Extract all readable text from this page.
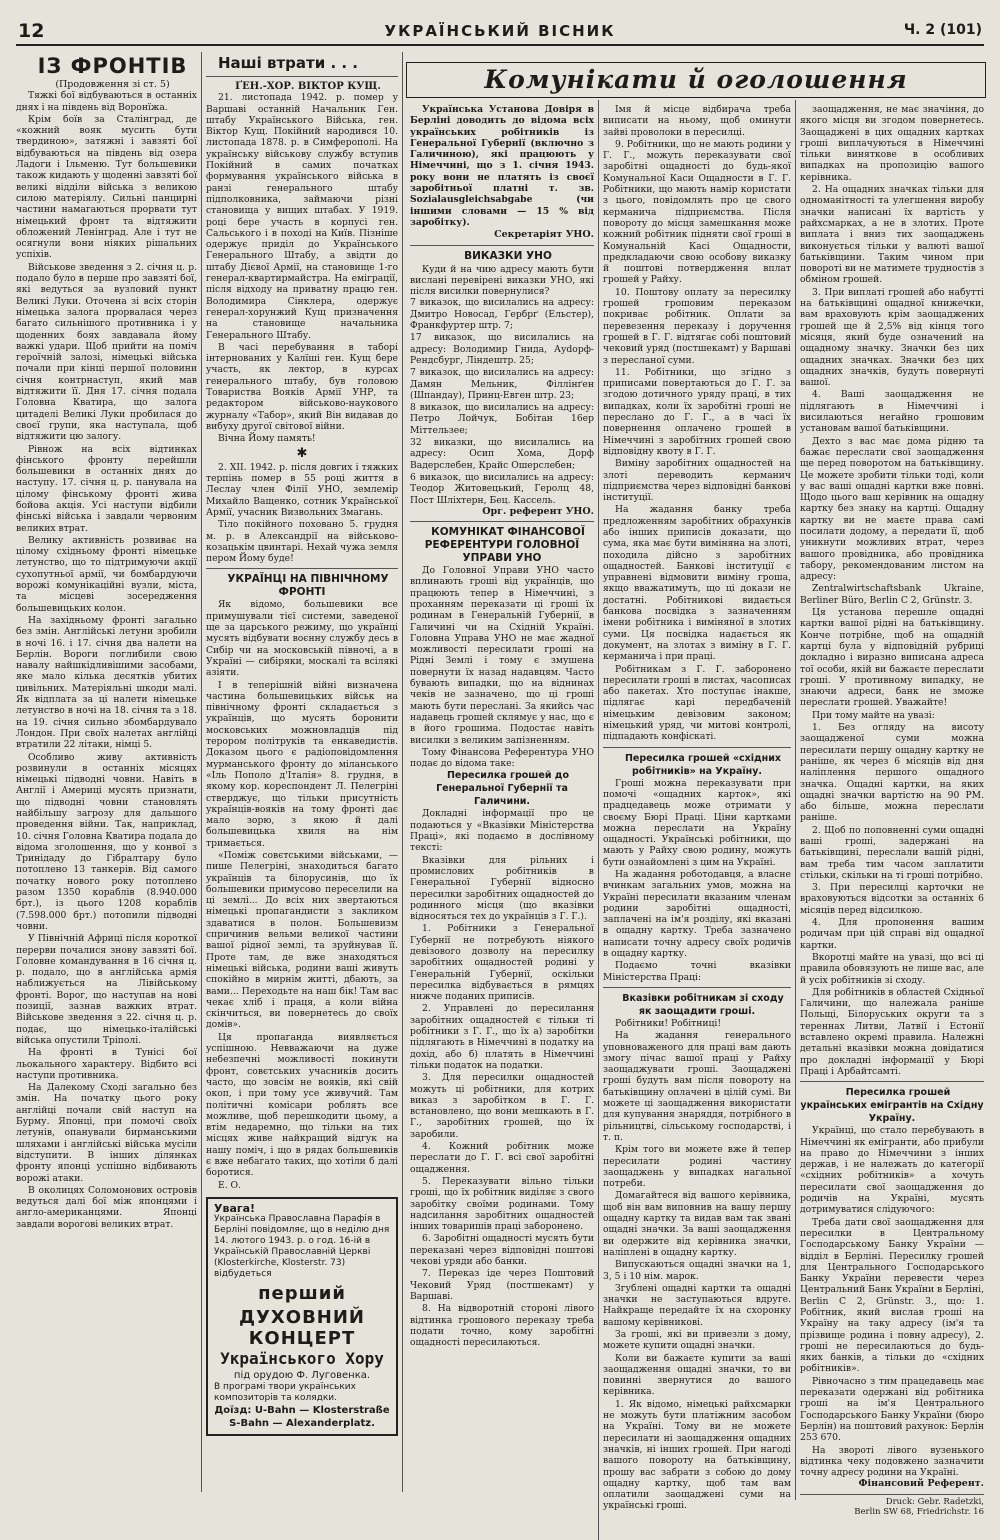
12	УКРАЇНСЬКИЙ ВІСНИК	Ч. 2 (101)

ІЗ ФРОНТІВ

(Продовження зі ст. 5)

Тяжкі бої відбуваються в останніх днях і на південь від Воронїжа.

Крім боїв за Сталінград, де «кожний вояк мусить бути твердиною», затяжні і завзяті бої відбуваються на південь від озера Ладоги і Ільменю. Тут большевики також кидають у щоденні завзяті бої великі відділи війська з великою силою матеріялу. Сильні панцирні частини намагаються прорвати тут німецький фронт та відтяжити обложений Ленінград. Але і тут не осягнули вони ніяких рішальних успіхів.

Військове зведення з 2. січня ц. р. подало було в перше про завзяті бої, які ведуться за вузловий пункт Великі Луки. Оточена зі всіх сторін німецька залога прорвалася через багато сильнішого противника і у щоденних боях завдавала йому важкі удари. Щоб прийти на поміч героїчній залозі, німецькі війська почали при кінці першої половини січня контрнаступ, який мав відтяжити її. Дня 17. січня подала Головна Кватира, що залога цитаделі Великі Луки пробилася до своєї групи, яка наступала, щоб відтяжити цю залогу.

Рівнож на всіх відтинках фінського фронту перейшли большевики в останніх днях до наступу. 17. січня ц. р. панувала на цілому фінському фронті жива бойова акція. Усі наступи відбили фінські війська і завдали червоним великих втрат.

Велику активність розвиває на цілому східньому фронті німецьке летунство, що то підтримуючи акції сухопутньої армії, чи бомбардуючи ворожі комунікаційні вузли, міста, та місцеві зосередження большевицьких колон.

На західньому фронті загально без змін. Англійські летуни зробили в ночі 16. і 17. січня два налети на Берлін. Вороги поглибили свою навалу найшкідливішими засобами, яке мало кілька десятків убитих цивільних. Матеріяльні шкоди малі. Як відплата за ці налети німецьке летунство в ночі на 18. січня та з 18. на 19. січня сильно збомбардувало Лондон. При своїх налетах англійці втратили 22 літаки, німці 5.

Особливо живу активність розвинули в останніх місяцях німецькі підводні човни. Навіть в Англії і Америці мусять признати, що підводні човни становлять найбільшу загрозу для дальшого проведення війни. Так, наприклад, 10. січня Головна Кватира подала до відома зголошення, що у конвої з Тринідаду до Гібралтару було потоплено 13 танкерів. Від самого початку нового року потоплено разом 1350 кораблів (8.940.000 брт.), із цього 1208 кораблів (7.598.000 брт.) потопили підводні човни.

У Північній Африці після короткої перерви почалися знову завзяті бої. Головне командування в 16 січня ц. р. подало, що в англійська армія наближується на Лівійському фронті. Ворог, що наступав на нові позиції, зазнав важких втрат. Військове зведення з 22. січня ц. р. подає, що німецько-італійські війська опустили Тріполі.

На фронті в Тунісі бої льокального характеру. Відбито всі наступи противника.

На Далекому Сході загально без змін. На початку цього року англійці почали свій наступ на Бурму. Японці, при помочі своїх летунів, опанували бирманськими шляхами і англійські війська мусіли відступити. В інших ділянках фронту японці успішно відбивають ворожі атаки.

В околицях Соломонових островів ведуться далі бої між японцями і англо-американцями. Японці завдали ворогові великих втрат.

Наші втрати . . .

ҐЕН.-ХОР. ВІКТОР КУЩ.

21. листопада 1942. р. помер у Варшаві останній Начальник Ген. штабу Українського Війська, ген. Віктор Кущ. Покійний народився 10. листопада 1878. р. в Симферополі. На українську військову службу вступив Покійний в самих початках формування українського війська в ранзі генерального штабу підполковника, займаючи різні становища у вищих штабах. У 1919. році бере участь в корпусі ген. Сальського і в поході на Київ. Пізніше одержує приділ до Українського Генерального Штабу, а звідти до штабу Дієвої Армії, на становище 1-го генерал-квартирмайстра. На еміграції, після відходу на приватну працю ген. Володимира Сінклера, одержує генерал-хорунжий Кущ призначення на становище начальника Генерального Штабу.

В часі перебування в таборі інтернованих у Калїші ген. Кущ бере участь, як лектор, в курсах генерального штабу, був головою Товариства Вояків Армії УНР, та редактором військово-наукового журналу «Табор», який Він видавав до вибуху другої світової війни.

Вічна Йому память!

✱

2. XII. 1942. р. після довгих і тяжких терпінь помер в 55 році життя в Леслау член Філії УНО, землемір Михайло Ващенко, сотник Української Армії, учасник Визвольних Змагань.

Тіло покійного поховано 5. грудня м. р. в Александрії на військово-козацькім цвинтарі. Нехай чужа земля пером Йому буде!

УКРАЇНЦІ НА ПІВНІЧНОМУ ФРОНТІ

Як відомо, большевики все примушували тієї системи, заведеної ще за царського режиму, що українці мусять відбувати воєнну службу десь в Сибір чи на московській півночі, а в Україні — сибіряки, москалі та всілякі азіяти.

І в теперішній війні визначена частина большевицьких військ на північному фронті складається з українців, що мусять боронити московських можновладців під терором політруків та енкаведистів. Доказом цього є радіоповідомлення мурманського фронту до міланського «Іль Пополо д'Італія» 8. грудня, в якому кор. кореспондент Л. Пелегріні стверджує, що тільки присутність українців-вояків на тому фронті дає мало зорю, з якою й далі большевицька хвиля на нім тримається.

«Поміж совєтськими військами, — пише Пелегріні, знаходиться багато українців та білорусинів, що їх большевики примусово переселили на ці землі... До всіх них звертаються німецькі пропагандисти з закликом здаватися в полон. Большевизм спричинив вельми великої частини вашої рідної землі, та зруйнував її. Проте там, де вже знаходяться німецькі війська, родини ваші живуть спокійно в мирнім житті, дбають, за вами... Переходьте на наш бік! Там вас чекає хліб і праця, а коли війна скінчиться, ви повернетесь до своїх домів».

Ця пропаганда виявляється успішною. Невважаючи на дуже небезпечні можливості покинути фронт, совєтських учасників досить часто, що зовсім не вояків, які свій окоп, і при тому усе живучий. Там політичні комісари роблять все можливе, щоб перешкодити цьому, а втім недаремно, що тільки на тих місцях живе найкращий відгук на нашу поміч, і що в рядах большевиків є вже небагато таких, що хотіли б далі боротися.

Е. О.

Увага!
Українська Православна Парафія в Берліні повідомляє, що в неділю дня 14. лютого 1943. р. о год. 16-ій в Українській Православній Церкві (Klosterkirche, Klosterstr. 73) відбудеться
перший
ДУХОВНИЙ КОНЦЕРТ
Українського Хору
під орудою Ф. Луговенка.
В програмі твори українських композиторів та колядки.
Доїзд: U-Bahn — Klosterstraße
S-Bahn — Alexanderplatz.
Комунікати й оголошення

Українська Установа Довіря в Берліні доводить до відома всіх українських робітників із Генеральної Губернії (включно з Галичиною), які працюють у Німеччині, що з 1. січня 1943. року вони не платять із своєї заробітньої платні т. зв. Sozialausgleichsabgabe (чи іншими словами — 15 % від заробітку).

Секретаріят УНО.

ВИКАЗКИ УНО

Куди й на чию адресу мають бути вислані перевірені виказки УНО, які після висилки повернулися?

7 виказок, що висилались на адресу: Дмитро Новосад, Гербрґ (Ельстер), Франкфуртер штр. 7;

17 виказок, що висилались на адресу: Володимир Гнида, Ауdорф-Рендсбург, Ліндештр. 25;

7 виказок, що висилались на адресу: Дамян Мельник, Філлінґен (Шпандау), Принц-Евген штр. 23;

8 виказок, що висилались на адресу: Петро Лойчук, Бобітан 16ер Міттельзее;

32 виказки, що висилались на адресу: Осип Хома, Дорф Вадерслебен, Крайс Ошерслебен;

6 виказок, що висилались на адресу: Теодор Житовецький, Геролц 48, Пост Шліхтерн, Бец. Кассель.

Орг. референт УНО.

КОМУНІКАТ ФІНАНСОВОЇ РЕФЕРЕНТУРИ ГОЛОВНОЇ УПРАВИ УНО

До Головної Управи УНО часто вплинають гроші від українців, що працюють тепер в Німеччині, з проханням переказати ці гроші їх родинам в Генеральній Губернії, в Галичині чи на Східній Україні. Головна Управа УНО не має жадної можливості пересилати гроші на Рідні Землі і тому є змушена повернути їх назад надавцям. Часто бувають випадки, що на віднинах чеків не зазначено, що ці гроші мають бути переслані. За якийсь час надавець грошей склямує у нас, що є в його грошима. Подостає навіть висилки з великим запізненням.

Тому Фінансова Референтура УНО подає до відома таке:

Пересилка грошей до Генеральної Губернії та Галичини.

Докладні інформації про це подаються у «Вказівки Міністерства Праці», які подаємо в дослівному тексті:

Вказівки для рільних і промислових робітників в Генеральної Губернії відносно пересилки заробітних ощадностей до родинного місця (що вказівки відносяться тех до українців з Г. Г.).

1. Робітники з Генеральної Губернії не потребують ніякого девізового дозволу на пересилку заробітних ощадностей родині у Генеральній Губернії, оскільки пересилка відбувається в рямцях нижче поданих приписів.

2. Управлені до пересилання заробітних ощадностей є тільки ті робітники з Г. Г., що їх а) заробітки підлягають в Німеччині в податку на дохід, або б) платять в Німеччині тільки податок на податки.

3. Для пересилки ощадностей можуть ці робітники, для котрих виказ з заробітком в Г. Г. встановлено, що вони мешкають в Г. Г., заробітних грошей, що їх заробили.

4. Кожний робітник може переслати до Г. Г. всі свої заробітні ощадження.

5. Переказувати вільно тільки гроші, що їх робітник виділяє з свого заробітку своїми родинами. Тому надсилання заробітних ощадностей інших товаришів праці заборонено.

6. Заробітні ощадності мусять бути переказані через відповідні поштові чекові уряди або банки.

7. Переказ іде через Поштовий Чековий Уряд (постшекамт) у Варшаві.

8. На відворотній стороні лівого відтинка грошового переказу треба подати точно, кому заробітні ощадності пересилаються.

Імя й місце відбирача треба виписати на ньому, щоб оминути зайві проволоки в пересилці.

9. Робітники, що не мають родини у Г. Г., можуть переказувати свої заробітні ощадності до будь-якої Комунальної Каси Ощадности в Г. Г. Робітники, що мають намір користати з цього, повідомлять про це свого керманича підприємства. Після повороту до місця замешкання може кожний робітник підняти свої гроші в Комунальній Касі Ощадности, предкладаючи свою особову виказку й поштові потвердження вплат грошей у Райху.

10. Поштову оплату за пересилку грошей грошовим переказом покриває робітник. Оплати за перевезення переказу і доручення грошей в Г. Г. відтягає собі поштовий чековий уряд (постшекамт) у Варшаві з пересланої суми.

11. Робітники, що згідно з приписами повертаються до Г. Г. за згодою дотичного уряду праці, в тих випадках, коли їх заробітні гроші не переслано до Г. Г., а в часі їх повернення оплачено грошей в Німеччині з заробітних грошей свою відповідну квоту в Г. Г.

Виміну заробітних ощадностей на злоті переводить керманич підприємства через відповідні банкові інституції.

На жадання банку треба предложенням заробітних обрахунків або інших приписів доказати, що сума, яка має бути виміняна на злоті, походила дійсно з заробітних ощадностей. Банкові інституції є управнені відмовити виміну гроша, якщо вважатимуть, що ці докази не достатні. Робітникові видається банкова посвідка з зазначенням імени робітника і виміняної в злотих суми. Ця посвідка надається як документ, на злотах з виміну в Г. Г. керманича і при праці.

Робітникам з Г. Г. заборонено пересилати гроші в листах, часописах або пакетах. Хто поступає інакше, підлягає карі передбаченій німецьким девізовим законом; німецький уряд, чи митові контролі, підпадають конфіскаті.

Пересилка грошей «східних робітників» на Україну.

Гроші можна переказувати при помочі «ощадних карток», які прадцедавець може отримати у своєму Бюрі Праці. Ціни картками можна переслати на Україну ощадності. Українські робітники, що мають у Райху свою родину, можуть бути ознайомлені з цим на Україні.

На жадання роботодавця, а власне вчинкам загальних умов, можна на Україні пересилати вказаним членам родини заробітні ощадності, заплачені на ім'я розділу, які вказані в ощадну картку. Треба зазначено написати точну адресу своїх родичів в ощадну картку.

Подаємо точні вказівки Міністерства Праці:

Вказівки робітникам зі сходу як заощадити гроші.

Робітники! Робітниці!

На жадання генерального уповноваженого для праці вам дають змогу пічас вашої праці у Райху заощаджувати гроші. Заощаджені гроші будуть вам після повороту на батьківщину оплачені в цілій сумі. Ви можете ці заощадження використати для купування знаряддя, потрібного в рільництві, сільському господарстві, і т. п.

Крім того ви можете вже й тепер пересилати родині частину заощаджень у випадках нагальної потреби.

Домагайтеся від вашого керівника, щоб він вам виповнив на вашу першу ощадну картку та видав вам так звані ощадні значки. За ваші заощадження ви одержите від керівника значки, наліплені в ощадну картку.

Випускаються ощадні значки на 1, 3, 5 і 10 нім. марок.

Згублені ощадні картки та ощадні значки не заступаються вдруге. Найкраще передайте їх на схоронку вашому керівникові.

За гроші, які ви привезли з дому, можете купити ощадні значки.

Коли ви бажаєте купити за ваші заощадження ощадні значки, то ви повинні звернутися до вашого керівника.

1. Як відомо, німецькі райхсмарки не можуть бути платіжним засобом на Україні. Тому ви не можете пересилати ні заощадження ощадних значків, ні інших грошей. При нагоді вашого повороту на батьківщину, прошу вас забрати з собою до дому ощадну картку, щоб там вам оплатили заощаджені суми на українські гроші.

заощадження, не має значіння, до якого місця ви згодом повернетесь. Заощаджені в цих ощадних картках гроші виплачуються в Німеччині тільки виняткове в особливих випадках на пропозицію вашого керівника.

2. На ощадних значках тільки для одноманітності та улегшення виробу значки написані їх вартість у райхсмарках, а не в злотих. Проте виплата і вниз тих заощаджень виконується тільки у валюті вашої батьківщини. Таким чином при повороті ви не матимете трудностів з обміном грошей.

3. При виплаті грошей або набутті на батьківщині ощадної книжечки, вам враховують крім заощаджених грошей ще й 2,5% від кінця того місяця, який буде означений на ощадному значку. Значки без цих ощадних значках. Значки без цих ощадних значків, будуть повернуті вашої.

4. Ваші заощадження не підлягають в Німеччині і висилаються негайно грошовим установам вашої батьківщини.

Дехто з вас має дома рідню та бажає переслати свої заощадження ще перед поворотом на батьківщину. Це можете зробити тільки тоді, коли у вас ваші ощадні картки вже повні. Щодо цього ваш керівник на ощадну картку без знаку на картці. Ощадну картку ви не маєте права самі посилати додому, а передати її, щоб уникнути можливих втрат, через вашого провідника, або провідника табору, рекомендованим листом на адресу:

Zentralwirtschaftsbank Ukraine, Berliner Büro, Berlin C 2, Grünstr. 3.

Ця установа перешле ощадні картки вашої рідні на батьківщину. Конче потрібне, щоб на ощадній картці була у відповідній рубриці докладно і виразно виписана адреса тої особи, якій ви бажаєте переслати гроші. У противному випадку, не знаючи адреси, банк не зможе переслати грошей. Уважайте!

При тому майте на увазі:

1. Без огляду на висоту заощадженої суми можна пересилати першу ощадну картку не раніше, як через 6 місяців від дня наліплення першого ощадного значка. Ощадні картки, на яких ощадні значки вартістю на 90 РМ. або більше, можна переслати раніше.

2. Щоб по поповненні суми ощадні ваші гроші, задержані на батьківщині, переслали вашій рідні, вам треба тим часом заплатити стільки, скільки на ті гроші потрібно.

3. При пересилці карточки не враховуються відсотки за останніх 6 місяців перед відсилкою.

4. Для пропонення вашим родичам при цій справі від ощадної картки.

Вкоротці майте на увазі, що всі ці правила обовязують не лише вас, але й усіх робітників зі сходу.

Для робітників в областей Східньої Галичини, що належала раніше Польщі, Білоруських округи та з тереннах Литви, Латвії і Естонії вставлено окремі правила. Належні детальні вказівки можна довідатися про докладні інформації у Бюрі Праці і Арбайтсамті.

Пересилка грошей українських емігрантів на Східну Україну.

Українці, що стало перебувають в Німеччині як емігранти, або прибули на право до Німеччини з інших держав, і не належать до категорії «східних робітників» а хочуть пересилати свої заощадження до родичів на Україні, мусять дотримуватися слідуючого:

Треба дати свої заощадження для пересилки в Центральному Господарському Банку України — відділ в Берліні. Пересилку грошей для Центрального Господарського Банку України перевести через Центральний Банк України в Берліні, Berlin C 2, Grünstr. 3., що: 1. Робітник, який вислав гроші на Україну на таку адресу (ім'я та прізвище родина і повну адресу), 2. гроші не пересилаються до будь-яких банків, а тільки до «східних робітників».

Рівночасно з тим працедавець має переказати одержані від робітника гроші на ім'я Центрального Господарського Банку України (бюро Берлін) на поштовий рахунок: Берлін 253 670.

На звороті лівого вузенького відтинка чеку подовжено зазначити точну адресу родини на Україні.

Фінансовий Референт.

Druck: Gebr. Radetzki,
Berlin SW 68, Friedrichstr. 16
